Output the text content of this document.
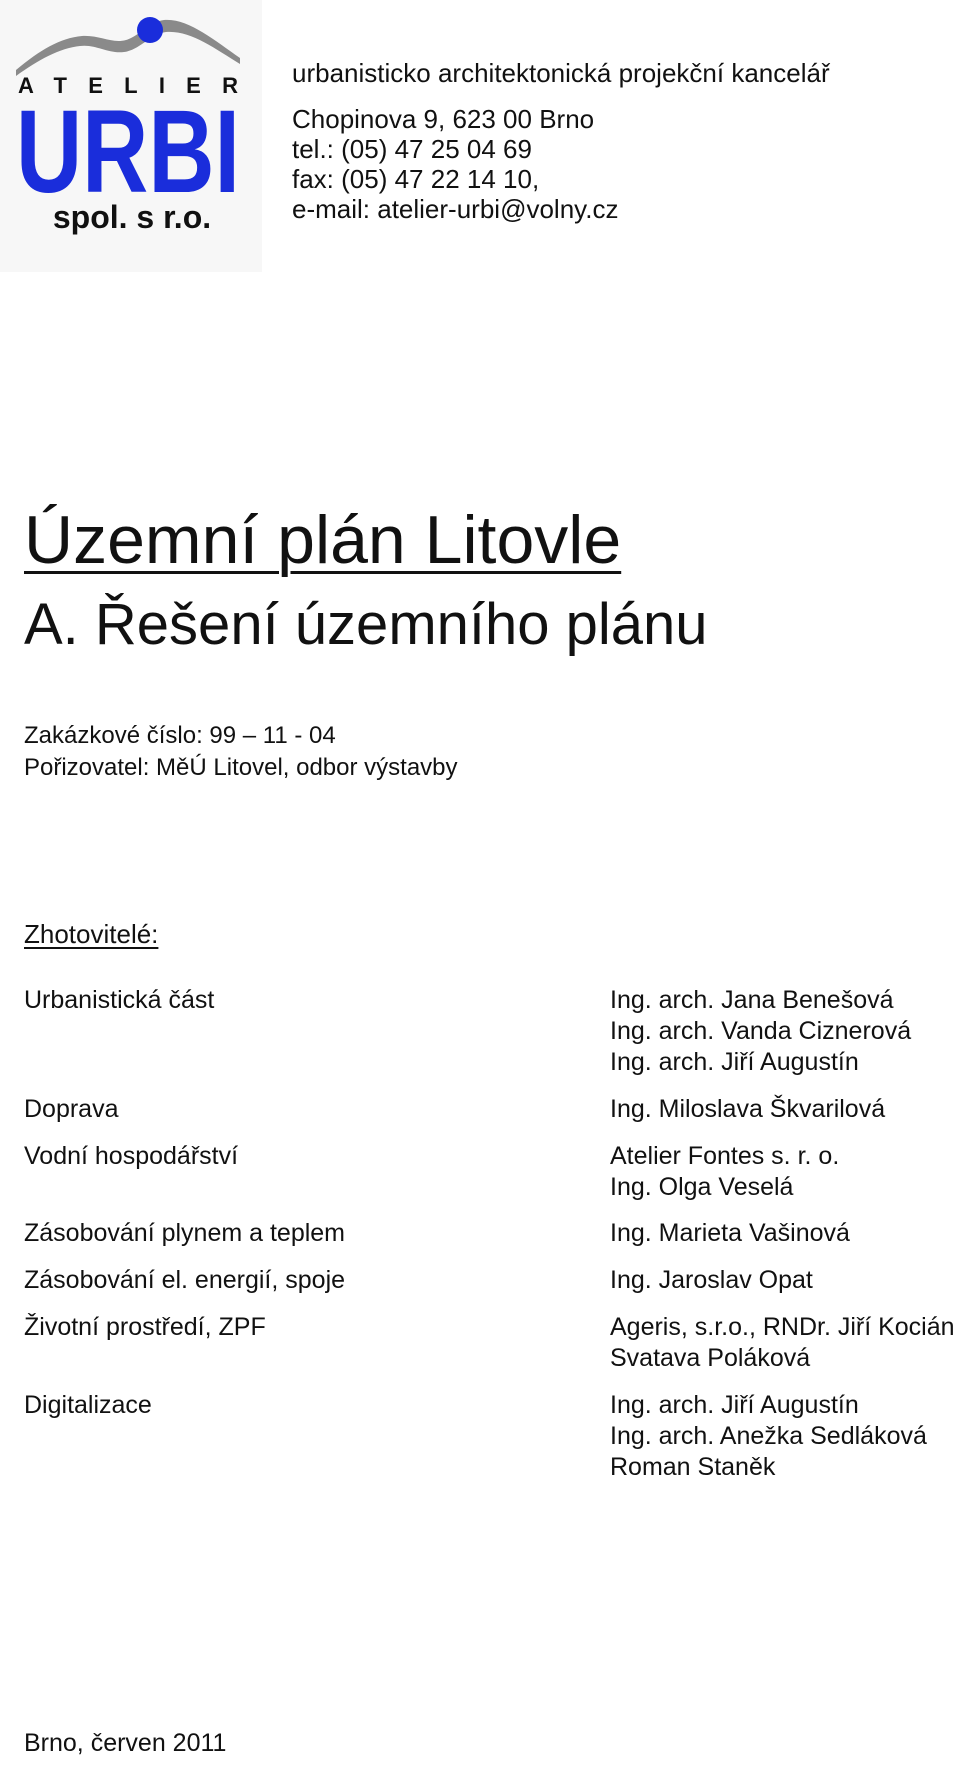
ATELIER
URBI
spol. s r.o.
urbanisticko architektonická projekční kancelář
Chopinova 9, 623 00 Brno
tel.: (05) 47 25 04 69
fax: (05) 47 22 14 10,
e-mail: atelier-urbi@volny.cz
Územní plán Litovle
A. Řešení územního plánu
Zakázkové číslo: 99 – 11 - 04
Pořizovatel: MěÚ Litovel, odbor výstavby
Zhotovitelé:
Urbanistická část	Ing. arch. Jana Benešová
Ing. arch. Vanda Ciznerová
Ing. arch. Jiří Augustín
Doprava	Ing. Miloslava Škvarilová
Vodní hospodářství	Atelier Fontes s. r. o.
Ing. Olga Veselá
Zásobování plynem a teplem	Ing. Marieta Vašinová
Zásobování el. energií, spoje	Ing. Jaroslav Opat
Životní prostředí, ZPF	Ageris, s.r.o., RNDr. Jiří Kocián
Svatava Poláková
Digitalizace	Ing. arch. Jiří Augustín
Ing. arch. Anežka Sedláková
Roman Staněk
Brno, červen 2011
